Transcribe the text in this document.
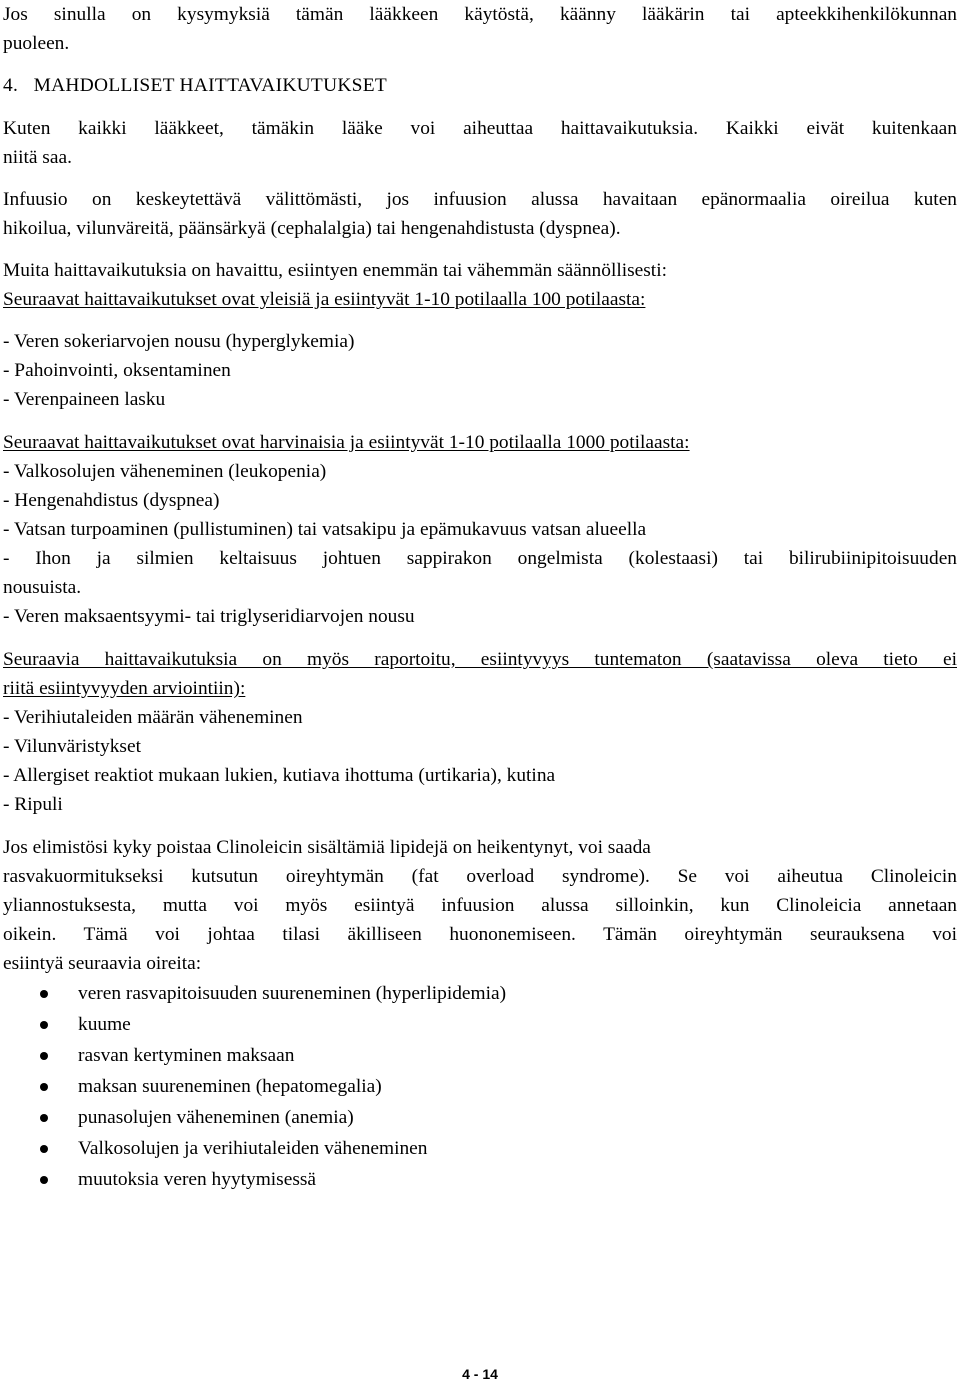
Jos sinulla on kysymyksiä tämän lääkkeen käytöstä, käänny lääkärin tai apteekkihenkilökunnan
puoleen.
4.   MAHDOLLISET HAITTAVAIKUTUKSET
Kuten kaikki lääkkeet, tämäkin lääke voi aiheuttaa haittavaikutuksia. Kaikki eivät kuitenkaan
niitä saa.
Infuusio on keskeytettävä välittömästi, jos infuusion alussa havaitaan epänormaalia oireilua kuten
hikoilua, vilunväreitä, päänsärkyä (cephalalgia) tai hengenahdistusta (dyspnea).
Muita haittavaikutuksia on havaittu, esiintyen enemmän tai vähemmän säännöllisesti:
Seuraavat haittavaikutukset ovat yleisiä ja esiintyvät 1-10 potilaalla 100 potilaasta:
- Veren sokeriarvojen nousu (hyperglykemia)
- Pahoinvointi, oksentaminen
- Verenpaineen lasku
Seuraavat haittavaikutukset ovat harvinaisia ja esiintyvät 1-10 potilaalla 1000 potilaasta:
- Valkosolujen väheneminen (leukopenia)
- Hengenahdistus (dyspnea)
- Vatsan turpoaminen (pullistuminen) tai vatsakipu ja epämukavuus vatsan alueella
- Ihon ja silmien keltaisuus johtuen sappirakon ongelmista (kolestaasi) tai bilirubiinipitoisuuden
nousuista.
- Veren maksaentsyymi- tai triglyseridiarvojen nousu
Seuraavia haittavaikutuksia on myös raportoitu, esiintyvyys tuntematon (saatavissa oleva tieto ei
riitä esiintyvyyden arviointiin):
- Verihiutaleiden määrän väheneminen
- Vilunväristykset
- Allergiset reaktiot mukaan lukien, kutiava ihottuma (urtikaria), kutina
- Ripuli
Jos elimistösi kyky poistaa Clinoleicin sisältämiä lipidejä on heikentynyt, voi saada
rasvakuormitukseksi kutsutun oireyhtymän (fat overload syndrome). Se voi aiheutua Clinoleicin
yliannostuksesta, mutta voi myös esiintyä infuusion alussa silloinkin, kun Clinoleicia annetaan
oikein. Tämä voi johtaa tilasi äkilliseen huononemiseen. Tämän oireyhtymän seurauksena voi
esiintyä seuraavia oireita:
veren rasvapitoisuuden suureneminen (hyperlipidemia)
kuume
rasvan kertyminen maksaan
maksan suureneminen (hepatomegalia)
punasolujen väheneminen (anemia)
Valkosolujen ja verihiutaleiden väheneminen
muutoksia veren hyytymisessä
4 - 14
